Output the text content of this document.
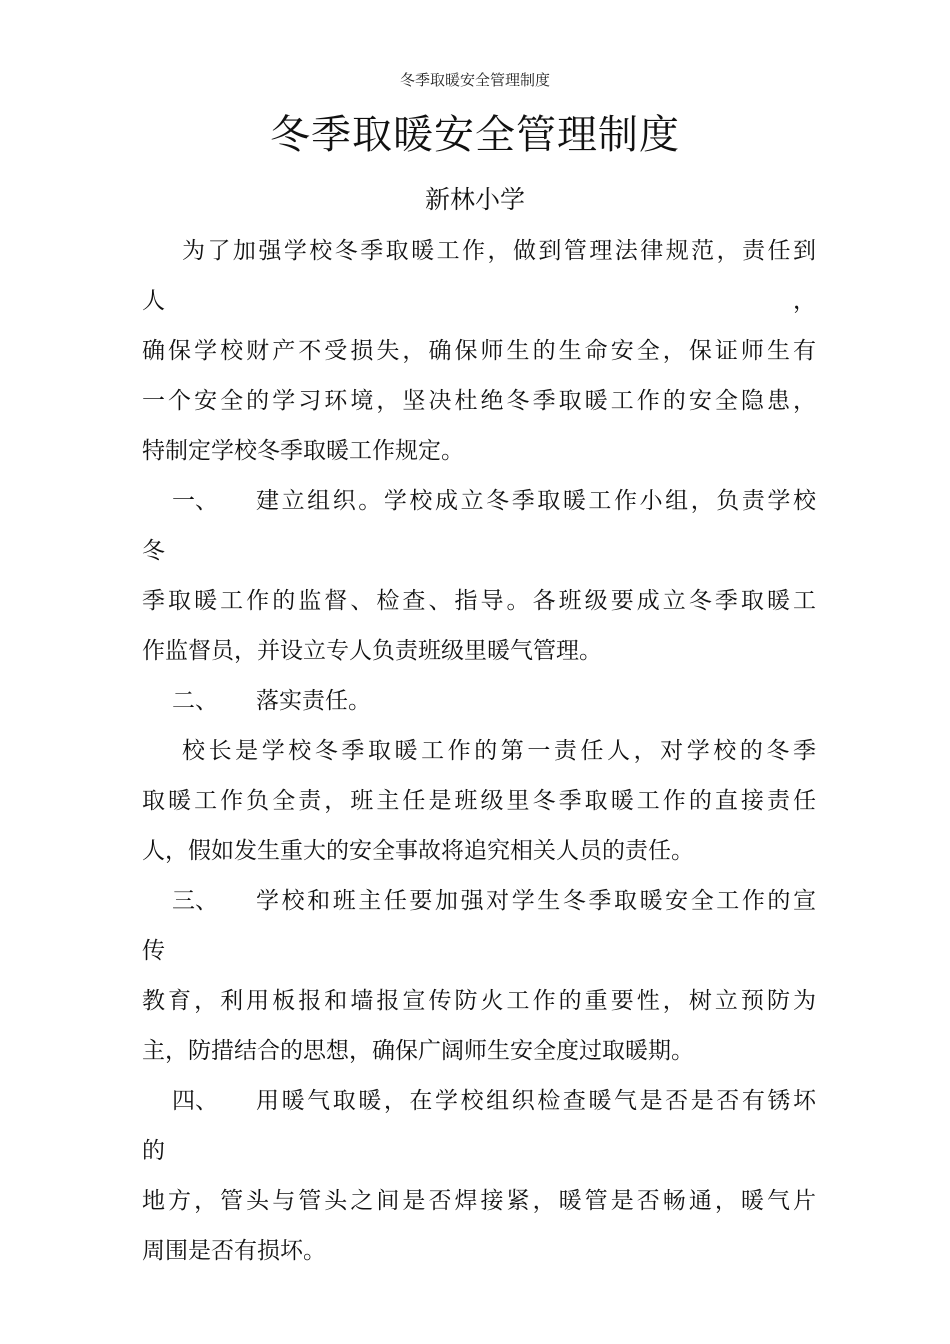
冬季取暖安全管理制度
冬季取暖安全管理制度
新林小学
为了加强学校冬季取暖工作，做到管理法律规范，责任到
人	，
确保学校财产不受损失，确保师生的生命安全，保证师生有
一个安全的学习环境，坚决杜绝冬季取暖工作的安全隐患，
特制定学校冬季取暖工作规定。
一、	建立组织。学校成立冬季取暖工作小组，负责学校
冬
季取暖工作的监督、检查、指导。各班级要成立冬季取暖工
作监督员，并设立专人负责班级里暖气管理。
二、 落实责任。
校长是学校冬季取暖工作的第一责任人，对学校的冬季
取暖工作负全责，班主任是班级里冬季取暖工作的直接责任
人，假如发生重大的安全事故将追究相关人员的责任。
三、	学校和班主任要加强对学生冬季取暖安全工作的宣
传
教育，利用板报和墙报宣传防火工作的重要性，树立预防为
主，防措结合的思想，确保广阔师生安全度过取暖期。
四、	用暖气取暖，在学校组织检查暖气是否是否有锈坏
的
地方，管头与管头之间是否焊接紧，暖管是否畅通，暖气片
周围是否有损坏。
